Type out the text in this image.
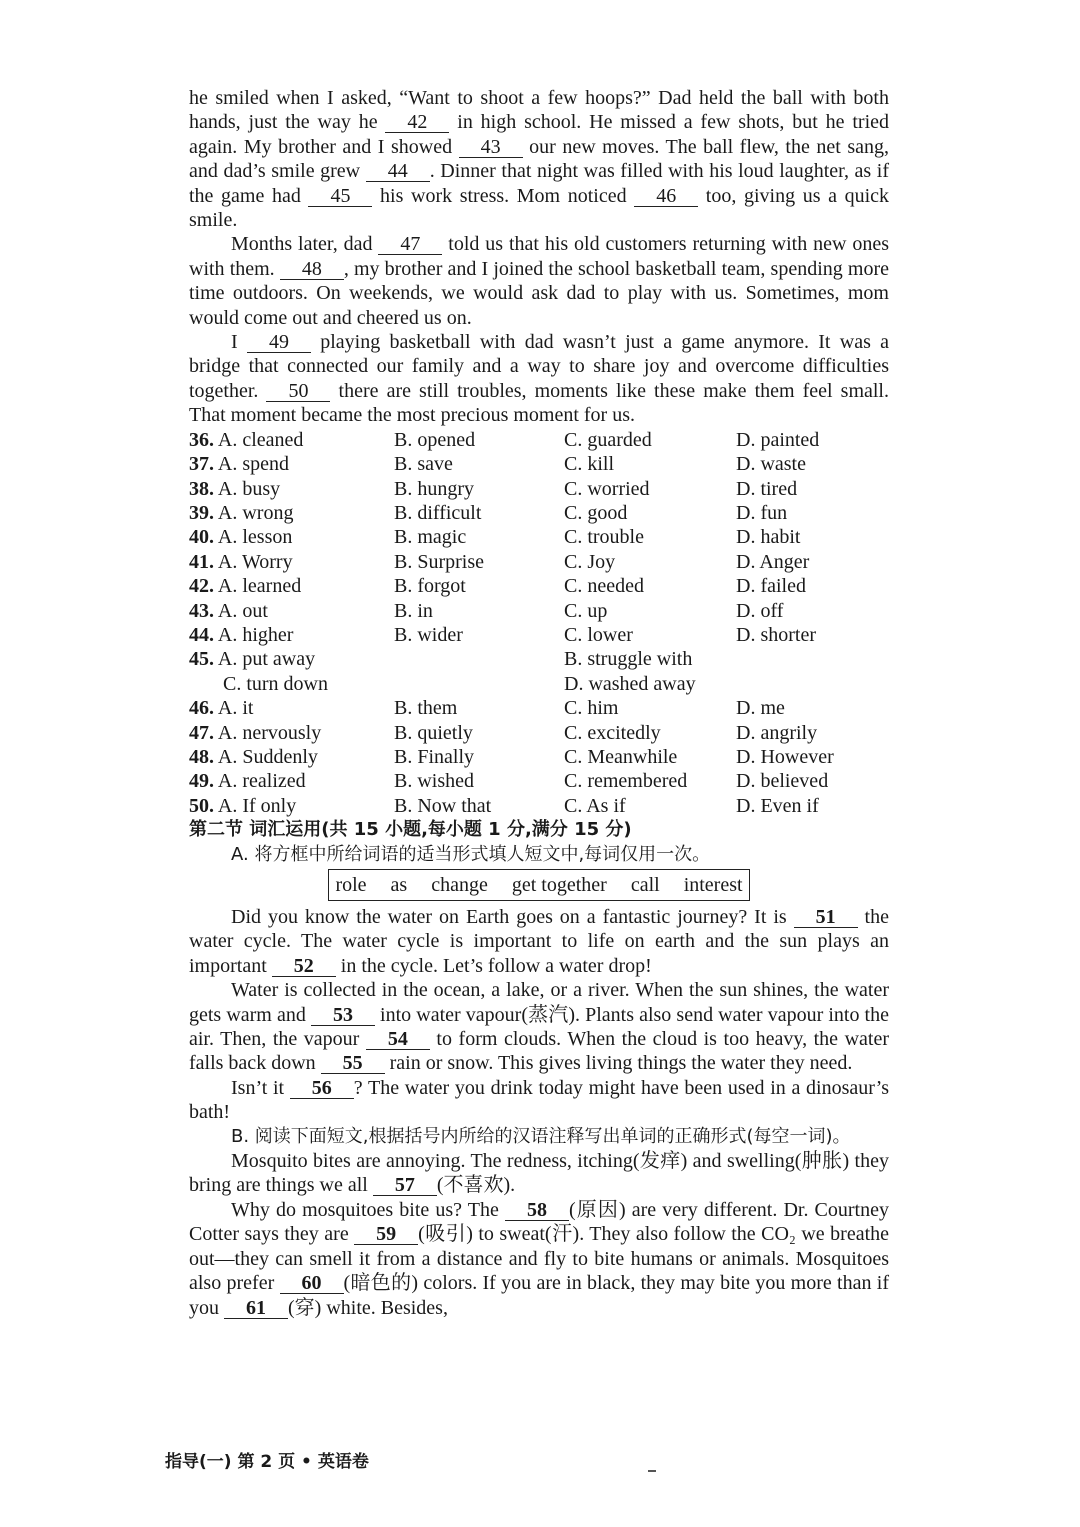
he smiled when I asked, “Want to shoot a few hoops?” Dad held the ball with both hands, just the way he 42 in high school. He missed a few shots, but he tried again. My brother and I showed 43 our new moves. The ball flew, the net sang, and dad’s smile grew 44 . Dinner that night was filled with his loud laughter, as if the game had 45 his work stress. Mom noticed 46 too, giving us a quick smile.

Months later, dad 47 told us that his old customers returning with new ones with them. 48 , my brother and I joined the school basketball team, spending more time outdoors. On weekends, we would ask dad to play with us. Sometimes, mom would come out and cheered us on.

I 49 playing basketball with dad wasn’t just a game anymore. It was a bridge that connected our family and a way to share joy and overcome difficulties together. 50 there are still troubles, moments like these make them feel small. That moment became the most precious moment for us.

36. A. cleaned	B. opened	C. guarded	D. painted
37. A. spend	B. save	C. kill	D. waste
38. A. busy	B. hungry	C. worried	D. tired
39. A. wrong	B. difficult	C. good	D. fun
40. A. lesson	B. magic	C. trouble	D. habit
41. A. Worry	B. Surprise	C. Joy	D. Anger
42. A. learned	B. forgot	C. needed	D. failed
43. A. out	B. in	C. up	D. off
44. A. higher	B. wider	C. lower	D. shorter
45. A. put away		B. struggle with	
C. turn down		D. washed away	
46. A. it	B. them	C. him	D. me
47. A. nervously	B. quietly	C. excitedly	D. angrily
48. A. Suddenly	B. Finally	C. Meanwhile	D. However
49. A. realized	B. wished	C. remembered	D. believed
50. A. If only	B. Now that	C. As if	D. Even if
第二节 词汇运用(共 15 小题,每小题 1 分,满分 15 分)
A. 将方框中所给词语的适当形式填人短文中,每词仅用一次。
role as change get together call interest

Did you know the water on Earth goes on a fantastic journey? It is 51 the water cycle. The water cycle is important to life on earth and the sun plays an important 52 in the cycle. Let’s follow a water drop!

Water is collected in the ocean, a lake, or a river. When the sun shines, the water gets warm and 53 into water vapour(蒸汽). Plants also send water vapour into the air. Then, the vapour 54 to form clouds. When the cloud is too heavy, the water falls back down 55 rain or snow. This gives living things the water they need.

Isn’t it 56 ? The water you drink today might have been used in a dinosaur’s bath!

B. 阅读下面短文,根据括号内所给的汉语注释写出单词的正确形式(每空一词)。

Mosquito bites are annoying. The redness, itching(发痒) and swelling(肿胀) they bring are things we all 57 (不喜欢).

Why do mosquitoes bite us? The 58 (原因) are very different. Dr. Courtney Cotter says they are 59 (吸引) to sweat(汗). They also follow the CO₂ we breathe out—they can smell it from a distance and fly to bite humans or animals. Mosquitoes also prefer 60 (暗色的) colors. If you are in black, they may bite you more than if you 61 (穿) white. Besides,

指导(一) 第 2 页 • 英语卷
